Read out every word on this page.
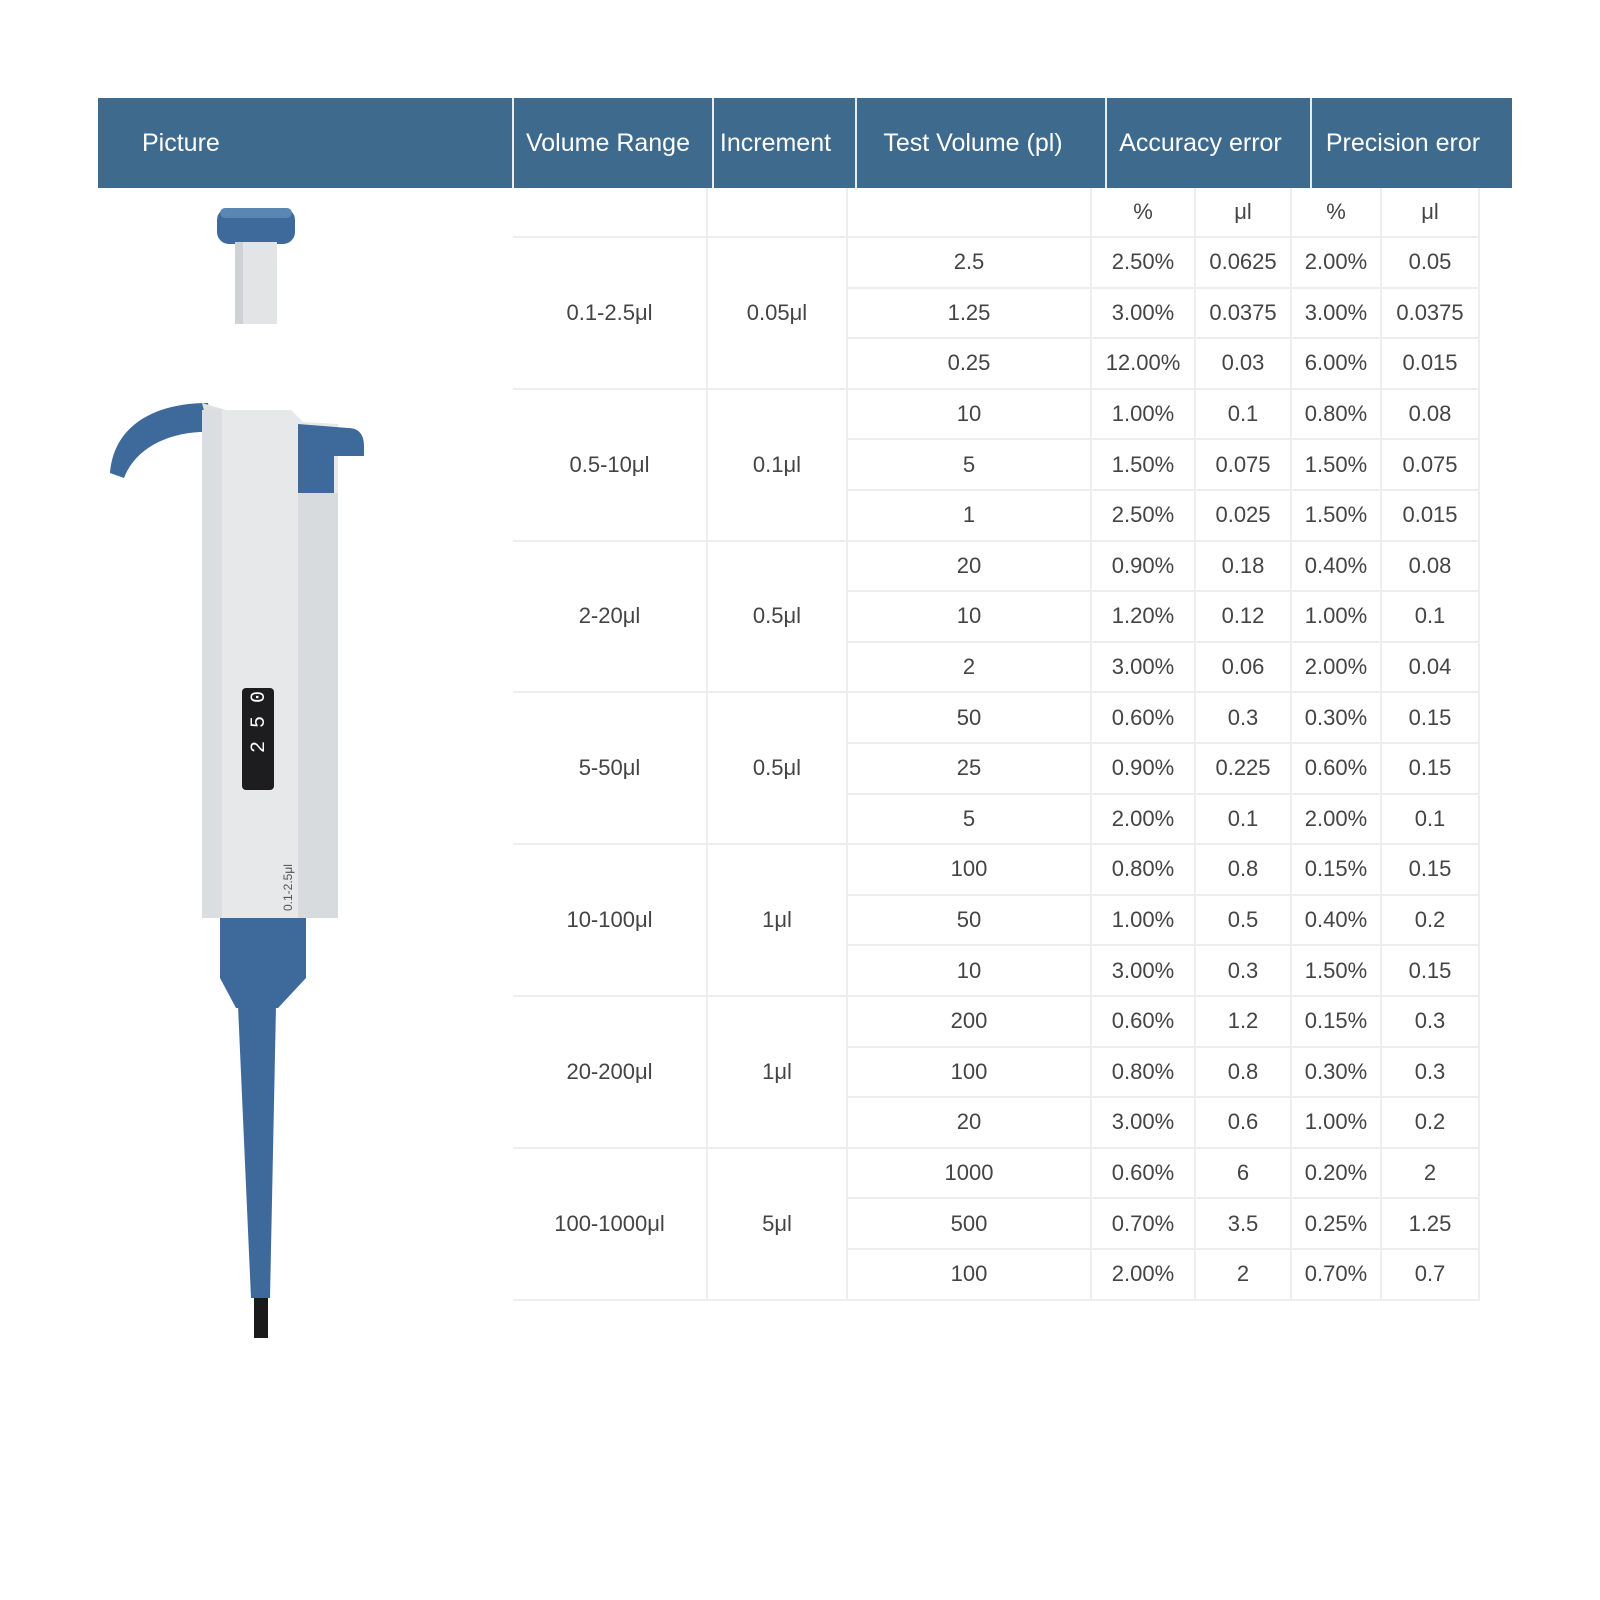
Picture	Volume Range	Increment	Test Volume (pl)	Accuracy error	Precision eror
2
5
0
0.1-2.5μl
%	μl	%	μl
0.1-2.5μl	0.05μl
2.5	2.50%	0.0625	2.00%	0.05
1.25	3.00%	0.0375	3.00%	0.0375
0.25	12.00%	0.03	6.00%	0.015
0.5-10μl	0.1μl
10	1.00%	0.1	0.80%	0.08
5	1.50%	0.075	1.50%	0.075
1	2.50%	0.025	1.50%	0.015
2-20μl	0.5μl
20	0.90%	0.18	0.40%	0.08
10	1.20%	0.12	1.00%	0.1
2	3.00%	0.06	2.00%	0.04
5-50μl	0.5μl
50	0.60%	0.3	0.30%	0.15
25	0.90%	0.225	0.60%	0.15
5	2.00%	0.1	2.00%	0.1
10-100μl	1μl
100	0.80%	0.8	0.15%	0.15
50	1.00%	0.5	0.40%	0.2
10	3.00%	0.3	1.50%	0.15
20-200μl	1μl
200	0.60%	1.2	0.15%	0.3
100	0.80%	0.8	0.30%	0.3
20	3.00%	0.6	1.00%	0.2
100-1000μl	5μl
1000	0.60%	6	0.20%	2
500	0.70%	3.5	0.25%	1.25
100	2.00%	2	0.70%	0.7
